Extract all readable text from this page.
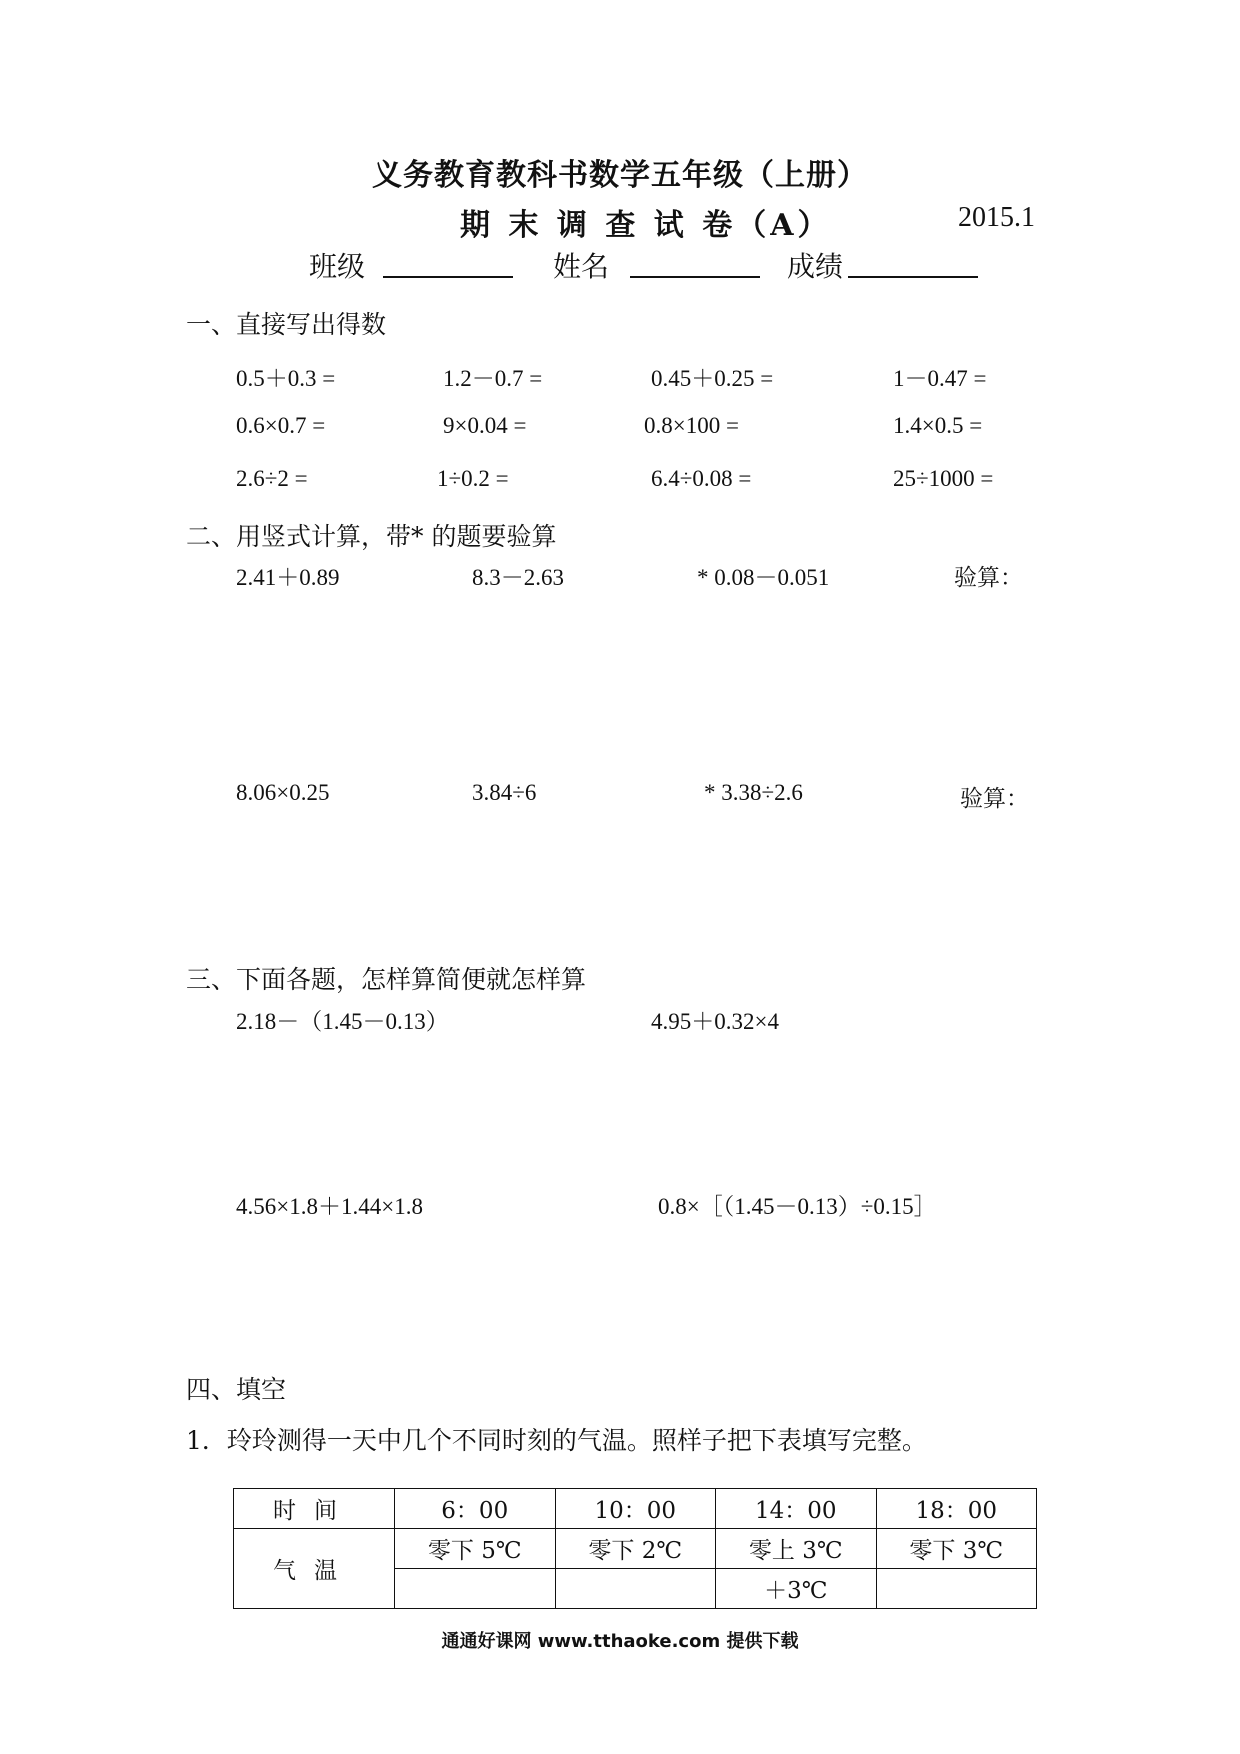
义务教育教科书数学五年级（上册）
期 末 调 查 试 卷（A）	2015.1
班级	姓名	成绩
一、直接写出得数
0.5＋0.3 =	1.2－0.7 =	0.45＋0.25 =	1－0.47 =
0.6×0.7 =	9×0.04 =	0.8×100 =	1.4×0.5 =
2.6÷2 =	1÷0.2 =	6.4÷0.08 =	25÷1000 =
二、用竖式计算，带* 的题要验算
2.41＋0.89	8.3－2.63	* 0.08－0.051	验算：
8.06×0.25	3.84÷6	* 3.38÷2.6	验算：
三、下面各题，怎样算简便就怎样算
2.18－（1.45－0.13）	4.95＋0.32×4
4.56×1.8＋1.44×1.8	0.8×［（1.45－0.13）÷0.15］
四、填空
1．玲玲测得一天中几个不同时刻的气温。照样子把下表填写完整。
时间	6：00	10：00	14：00	18：00
气温	零下 5℃	零下 2℃	零上 3℃	零下 3℃
			＋3℃	
通通好课网 www.tthaoke.com 提供下载
